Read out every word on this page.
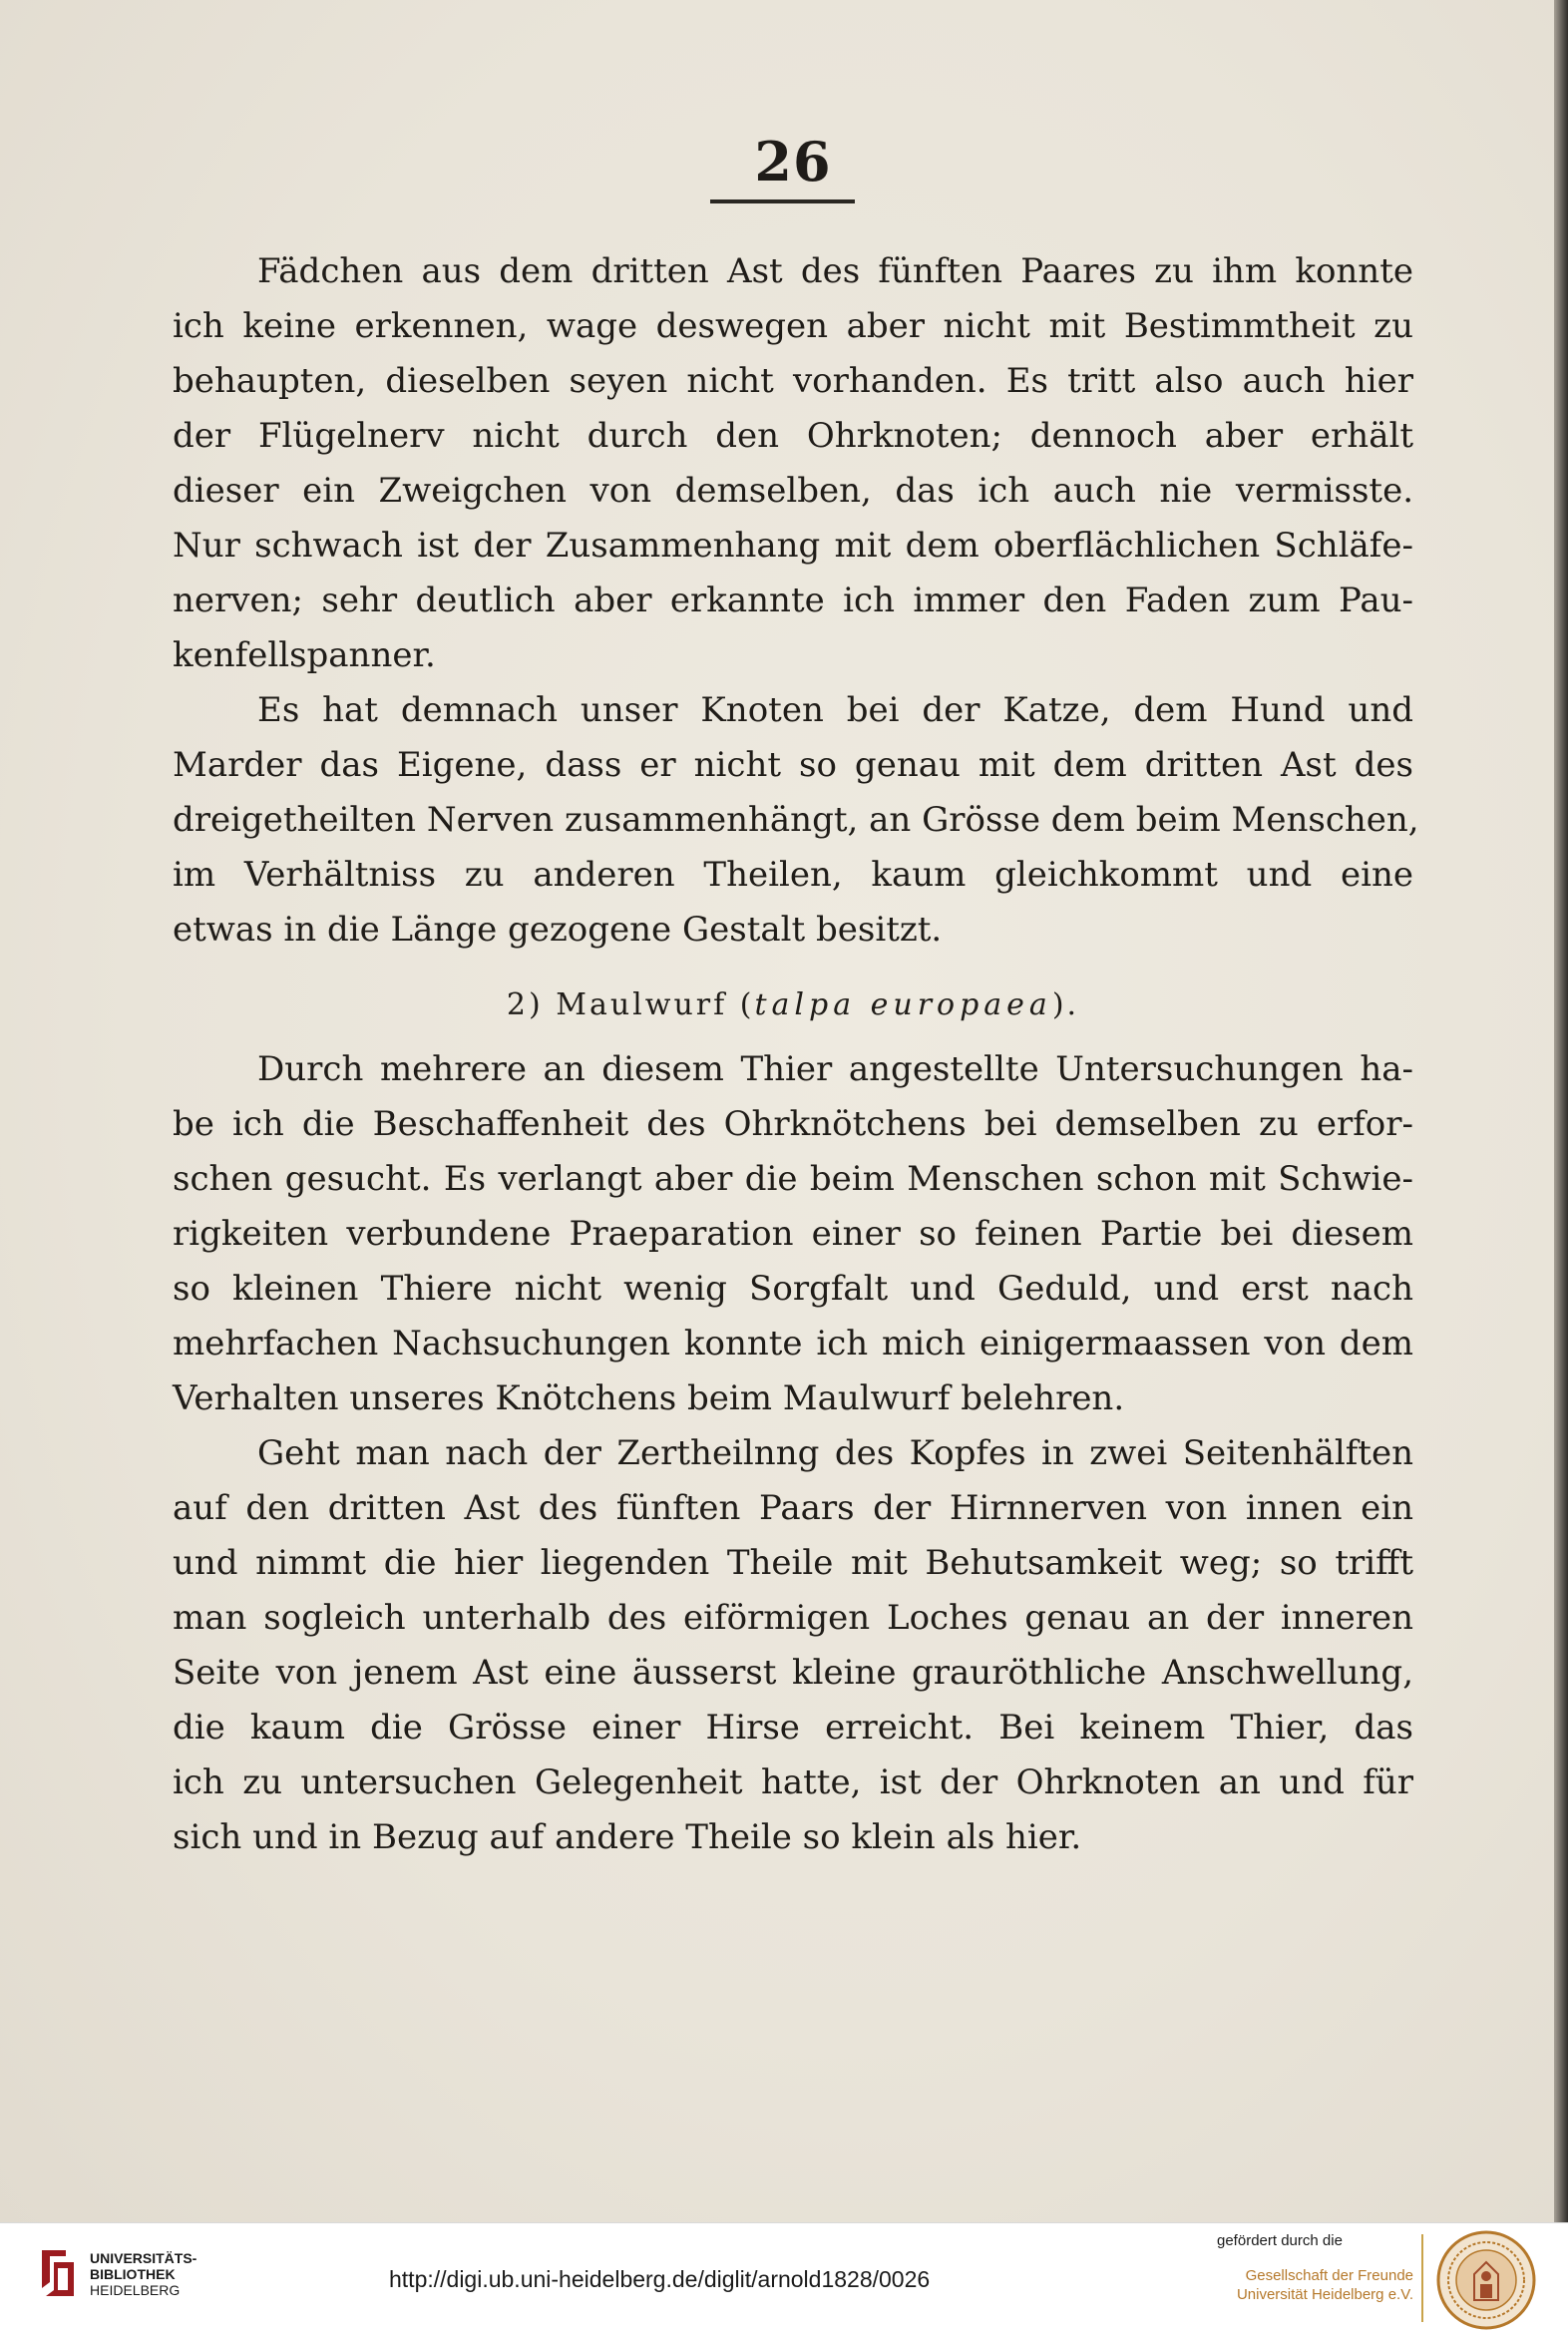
26

Fädchen aus dem dritten Ast des fünften Paares zu ihm konnte
ich keine erkennen, wage deswegen aber nicht mit Bestimmtheit zu
behaupten, dieselben seyen nicht vorhanden. Es tritt also auch hier
der Flügelnerv nicht durch den Ohrknoten; dennoch aber erhält
dieser ein Zweigchen von demselben, das ich auch nie vermisste.
Nur schwach ist der Zusammenhang mit dem oberflächlichen Schläfe-
nerven; sehr deutlich aber erkannte ich immer den Faden zum Pau-
kenfellspanner.

Es hat demnach unser Knoten bei der Katze, dem Hund und
Marder das Eigene, dass er nicht so genau mit dem dritten Ast des
dreigetheilten Nerven zusammenhängt, an Grösse dem beim Menschen,
im Verhältniss zu anderen Theilen, kaum gleichkommt und eine
etwas in die Länge gezogene Gestalt besitzt.

2) Maulwurf (talpa europaea).

Durch mehrere an diesem Thier angestellte Untersuchungen ha-
be ich die Beschaffenheit des Ohrknötchens bei demselben zu erfor-
schen gesucht. Es verlangt aber die beim Menschen schon mit Schwie-
rigkeiten verbundene Praeparation einer so feinen Partie bei diesem
so kleinen Thiere nicht wenig Sorgfalt und Geduld, und erst nach
mehrfachen Nachsuchungen konnte ich mich einigermaassen von dem
Verhalten unseres Knötchens beim Maulwurf belehren.

Geht man nach der Zertheilnng des Kopfes in zwei Seitenhälften
auf den dritten Ast des fünften Paars der Hirnnerven von innen ein
und nimmt die hier liegenden Theile mit Behutsamkeit weg; so trifft
man sogleich unterhalb des eiförmigen Loches genau an der inneren
Seite von jenem Ast eine äusserst kleine grauröthliche Anschwellung,
die kaum die Grösse einer Hirse erreicht. Bei keinem Thier, das
ich zu untersuchen Gelegenheit hatte, ist der Ohrknoten an und für
sich und in Bezug auf andere Theile so klein als hier.

UNIVERSITÄTS-
BIBLIOTHEK
HEIDELBERG	http://digi.ub.uni-heidelberg.de/diglit/arnold1828/0026
gefördert durch die
Gesellschaft der Freunde
Universität Heidelberg e.V.
